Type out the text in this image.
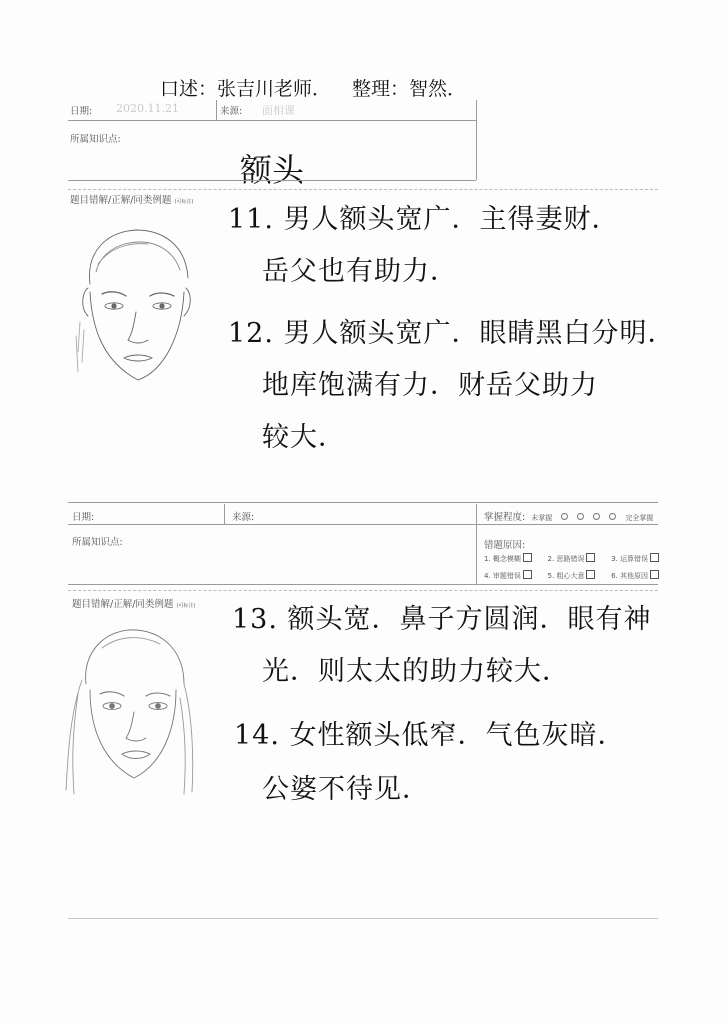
口述：张吉川老师． 整理：智然．
日期: 2020.11.21	来源: 面相课
所属知识点:
额头
题目错解/正解/同类例题 (可标注)
11. 男人额头宽广．主得妻财．
岳父也有助力．
12. 男人额头宽广．眼睛黑白分明．
地库饱满有力．财岳父助力
较大．
日期:	来源:	掌握程度: 未掌握	完全掌握
所属知识点:	错题原因:
1. 概念模糊	2. 思路错误	3. 运算错误
4. 审题错误	5. 粗心大意	6. 其他原因
题目错解/正解/同类例题 (可标注) 13. 额头宽．鼻子方圆润．眼有神
光．则太太的助力较大．
14. 女性额头低窄．气色灰暗．
公婆不待见．
